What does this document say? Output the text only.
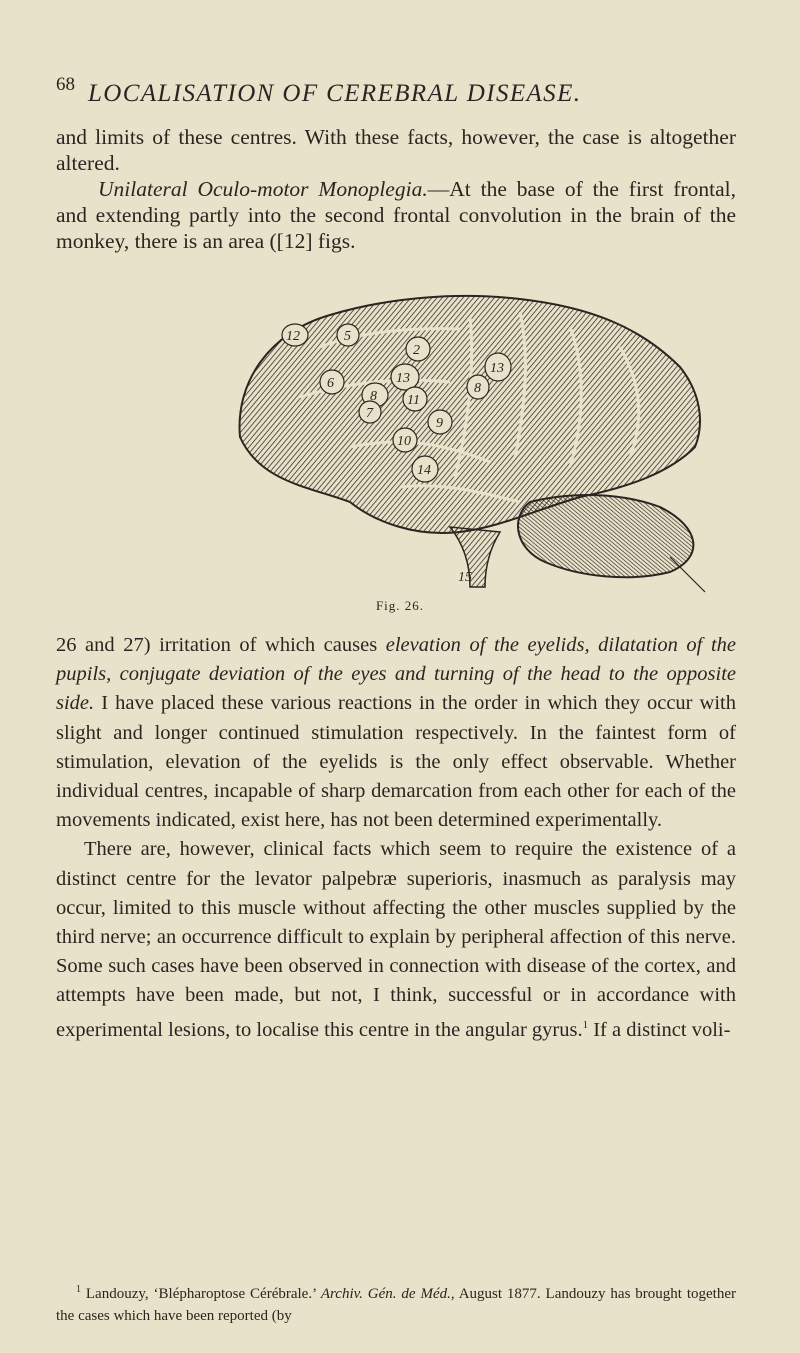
68 LOCALISATION OF CEREBRAL DISEASE.

and limits of these centres. With these facts, however, the case is altogether altered.

Unilateral Oculo-motor Monoplegia.—At the base of the first frontal, and extending partly into the second frontal convolution in the brain of the monkey, there is an area ([12] figs.

2
12	5
6
8
13
13
7
11
8
9
10
14
15
Fig. 26.

26 and 27) irritation of which causes elevation of the eyelids, dilatation of the pupils, conjugate deviation of the eyes and turning of the head to the opposite side. I have placed these various reactions in the order in which they occur with slight and longer continued stimulation respectively. In the faintest form of stimulation, elevation of the eyelids is the only effect observable. Whether individual centres, incapable of sharp demarcation from each other for each of the movements indicated, exist here, has not been determined experimentally.

There are, however, clinical facts which seem to require the existence of a distinct centre for the levator palpebræ superioris, inasmuch as paralysis may occur, limited to this muscle without affecting the other muscles supplied by the third nerve; an occurrence difficult to explain by peripheral affection of this nerve. Some such cases have been observed in connection with disease of the cortex, and attempts have been made, but not, I think, successful or in accordance with experimental lesions, to localise this centre in the angular gyrus.$^1$ If a distinct voli-

$^1$ Landouzy, ‘Blépharoptose Cérébrale.’ Archiv. Gén. de Méd., August 1877. Landouzy has brought together the cases which have been reported (by
